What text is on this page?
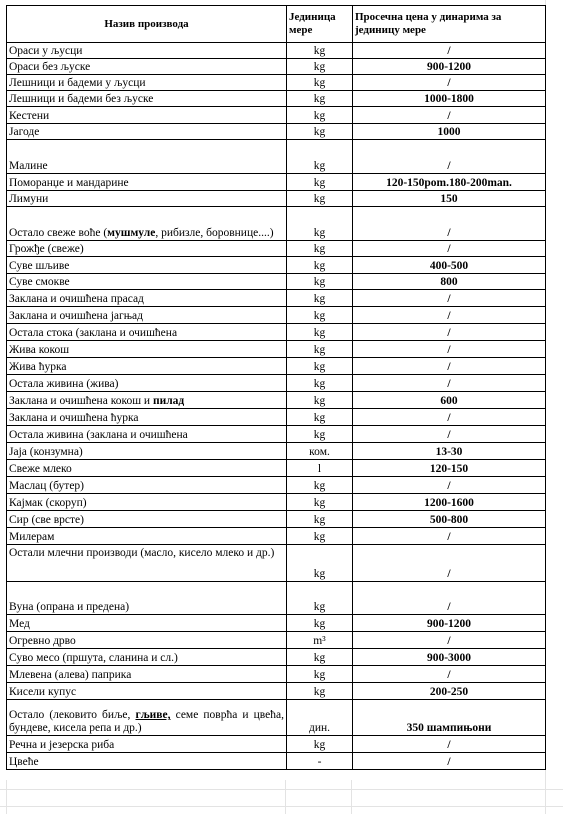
Назив производа	Јединица мере	Просечна цена у динарима за јединицу мере
Ораси у љусци	kg	/
Ораси без љуске	kg	900-1200
Лешници и бадеми у љусци	kg	/
Лешници и бадеми без љуске	kg	1000-1800
Кестени	kg	/
Јагоде	kg	1000
Малине	kg	/
Поморанџе и мандарине	kg	120-150pom.180-200man.
Лимуни	kg	150
Остало свеже воће (мушмуле, рибизле, боровнице....)	kg	/
Грожђе (свеже)	kg	/
Суве шљиве	kg	400-500
Суве смокве	kg	800
Заклана и очишћена прасад	kg	/
Заклана и очишћена јагњад	kg	/
Остала стока (заклана и очишћена	kg	/
Жива кокош	kg	/
Жива ћурка	kg	/
Остала живина (жива)	kg	/
Заклана и очишћена кокош и пилад	kg	600
Заклана и очишћена ћурка	kg	/
Остала живина (заклана и очишћена	kg	/
Јаја (конзумна)	ком.	13-30
Свеже млеко	l	120-150
Маслац (бутер)	kg	/
Кајмак (скоруп)	kg	1200-1600
Сир (све врсте)	kg	500-800
Милерам	kg	/
Остали млечни производи (масло, кисело млеко и др.)	kg	/
Вуна (опрана и предена)	kg	/
Мед	kg	900-1200
Огревно дрво	m³	/
Суво месо (пршута, сланина и сл.)	kg	900-3000
Млевена (алева) паприка	kg	/
Кисели купус	kg	200-250
Остало (лековито биље, гљиве, семе поврћа и цвећа, бундеве, кисела репа и др.)	дин.	350 шампињони
Речна и језерска риба	kg	/
Цвеће	-	/
